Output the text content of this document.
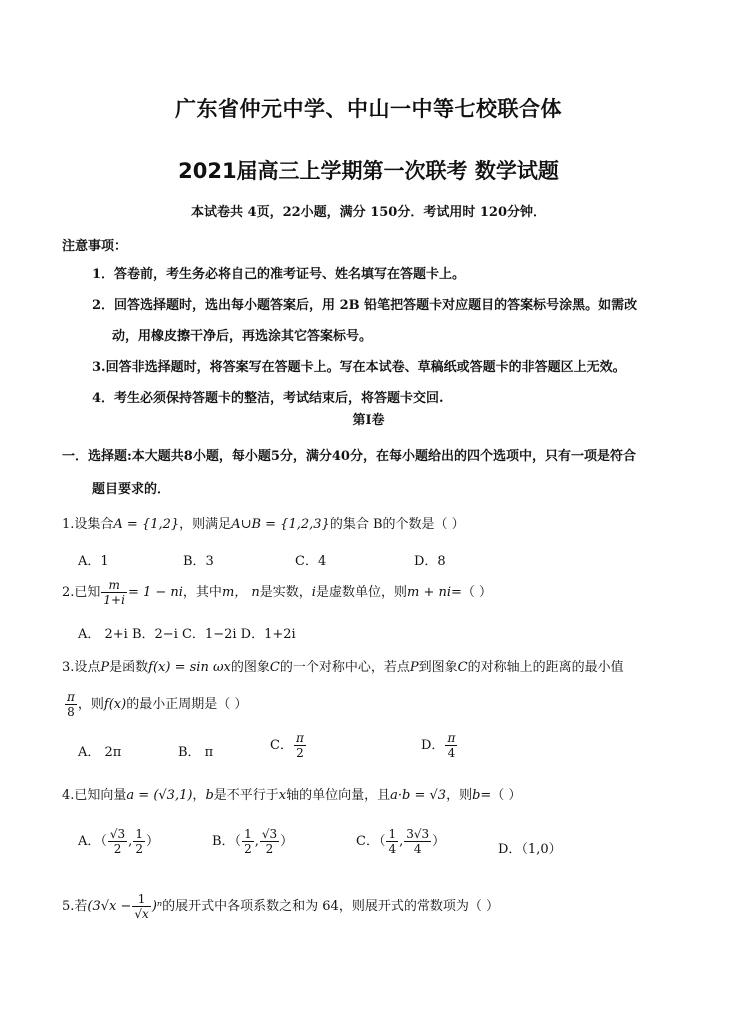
广东省仲元中学、中山一中等七校联合体
2021届高三上学期第一次联考 数学试题
本试卷共 4页，22小题，满分 150分．考试用时 120分钟．
注意事项：
1．答卷前，考生务必将自己的准考证号、姓名填写在答题卡上。
2．回答选择题时，选出每小题答案后，用 2B 铅笔把答题卡对应题目的答案标号涂黑。如需改
动，用橡皮擦干净后，再选涂其它答案标号。
3.回答非选择题时，将答案写在答题卡上。写在本试卷、草稿纸或答题卡的非答题区上无效。
4．考生必须保持答题卡的整洁，考试结束后，将答题卡交回.
第Ⅰ卷
一．选择题:本大题共8小题，每小题5分，满分40分，在每小题给出的四个选项中，只有一项是符合
题目要求的．
1.设集合A = {1,2}，则满足A∪B = {1,2,3}的集合 B的个数是（ ）
A．1	B．3	C．4	D．8
2.已知 $\frac{m}{1+i} = 1$ − ni，其中m， n是实数，i是虚数单位，则m + ni=（ ）
A． 2+i B．2−i C．1−2i D．1+2i
3.设点P是函数f(x) = sin ωx的图象C的一个对称中心，若点P到图象C的对称轴上的距离的最小值
$\frac{\pi}{8}$ ，则f(x)的最小正周期是（ ）
A． 2π	B． π	C． $\frac{\pi}{2}$	D． $\frac{\pi}{4}$
4.已知向量a = (√3,1)，b是不平行于x轴的单位向量，且a·b = √3，则b=（ ）
A．（ $\frac{√3}{2}$ , $\frac{1}{2}$ ）	B．（ $\frac{1}{2}$ , $\frac{√3}{2}$ ）	C．（ $\frac{1}{4}$ , $\frac{3√3}{4}$ ）
D．（1,0）
5.若$(3√x - \frac{1}{√x} )^n$的展开式中各项系数之和为 64，则展开式的常数项为（ ）
